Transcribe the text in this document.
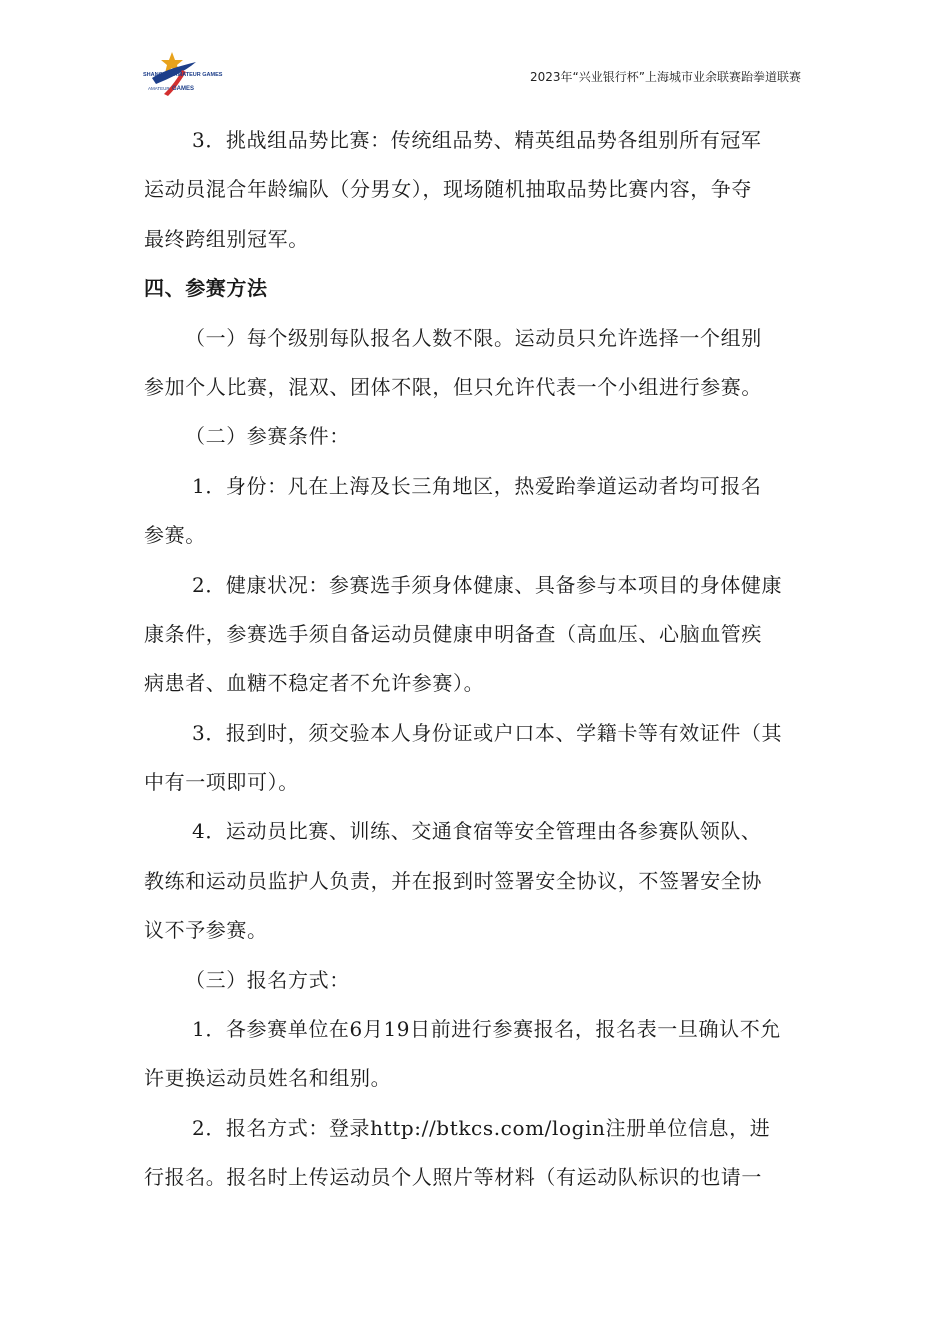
SHANGHAI AMATEUR GAMES
AMATEUR GAMES
2023年“兴业银行杯”上海城市业余联赛跆拳道联赛
3．挑战组品势比赛：传统组品势、精英组品势各组别所有冠军
运动员混合年龄编队（分男女），现场随机抽取品势比赛内容，争夺
最终跨组别冠军。
四、参赛方法
（一）每个级别每队报名人数不限。运动员只允许选择一个组别
参加个人比赛，混双、团体不限，但只允许代表一个小组进行参赛。
（二）参赛条件：
1．身份：凡在上海及长三角地区，热爱跆拳道运动者均可报名
参赛。
2．健康状况：参赛选手须身体健康、具备参与本项目的身体健康
康条件，参赛选手须自备运动员健康申明备查（高血压、心脑血管疾
病患者、血糖不稳定者不允许参赛）。
3．报到时，须交验本人身份证或户口本、学籍卡等有效证件（其
中有一项即可）。
4．运动员比赛、训练、交通食宿等安全管理由各参赛队领队、
教练和运动员监护人负责，并在报到时签署安全协议，不签署安全协
议不予参赛。
（三）报名方式：
1．各参赛单位在6月19日前进行参赛报名，报名表一旦确认不允
许更换运动员姓名和组别。
2．报名方式：登录http://btkcs.com/login注册单位信息，进
行报名。报名时上传运动员个人照片等材料（有运动队标识的也请一
